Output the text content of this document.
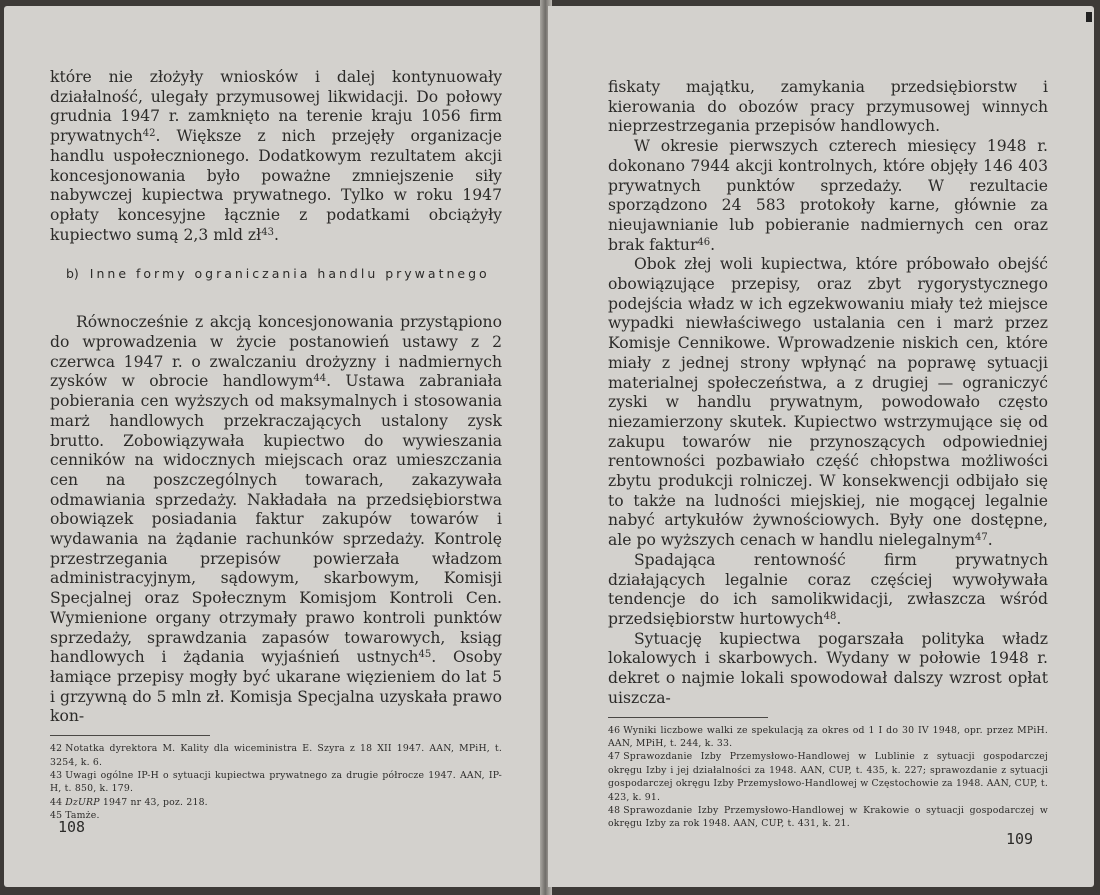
które nie złożyły wniosków i dalej kontynuowały działalność, ulegały przymusowej likwidacji. Do połowy grudnia 1947 r. zamknięto na terenie kraju 1056 firm prywatnych$^{42}$. Większe z nich przejęły organizacje handlu uspołecznionego. Dodatkowym rezultatem akcji koncesjonowania było poważne zmniejszenie siły nabywczej kupiectwa prywatnego. Tylko w roku 1947 opłaty koncesyjne łącznie z podatkami obciążyły kupiectwo sumą 2,3 mld $zł^{43}$.

b) Inne formy ograniczania handlu prywatnego

Równocześnie z akcją koncesjonowania przystąpiono do wprowadzenia w życie postanowień ustawy z 2 czerwca 1947 r. o zwalczaniu drożyzny i nadmiernych zysków w obrocie handlowym$^{44}$. Ustawa zabraniała pobierania cen wyższych od maksymalnych i stosowania marż handlowych przekraczających ustalony zysk brutto. Zobowiązywała kupiectwo do wywieszania cenników na widocznych miejscach oraz umieszczania cen na poszczególnych towarach, zakazywała odmawiania sprzedaży. Nakładała na przedsiębiorstwa obowiązek posiadania faktur zakupów towarów i wydawania na żądanie rachunków sprzedaży. Kontrolę przestrzegania przepisów powierzała władzom administracyjnym, sądowym, skarbowym, Komisji Specjalnej oraz Społecznym Komisjom Kontroli Cen. Wymienione organy otrzymały prawo kontroli punktów sprzedaży, sprawdzania zapasów towarowych, ksiąg handlowych i żądania wyjaśnień ustnych$^{45}$. Osoby łamiące przepisy mogły być ukarane więzieniem do lat 5 i grzywną do 5 mln zł. Komisja Specjalna uzyskała prawo kon-

42 Notatka dyrektora M. Kality dla wiceministra E. Szyra z 18 XII 1947. AAN, MPiH, t. 3254, k. 6.

43 Uwagi ogólne IP-H o sytuacji kupiectwa prywatnego za drugie półrocze 1947. AAN, IP-H, t. 850, k. 179.

44 DzURP 1947 nr 43, poz. 218.

45 Tamże.

108

fiskaty majątku, zamykania przedsiębiorstw i kierowania do obozów pracy przymusowej winnych nieprzestrzegania przepisów handlowych.

W okresie pierwszych czterech miesięcy 1948 r. dokonano 7944 akcji kontrolnych, które objęły 146 403 prywatnych punktów sprzedaży. W rezultacie sporządzono 24 583 protokoły karne, głównie za nieujawnianie lub pobieranie nadmiernych cen oraz brak faktur$^{46}$.

Obok złej woli kupiectwa, które próbowało obejść obowiązujące przepisy, oraz zbyt rygorystycznego podejścia władz w ich egzekwowaniu miały też miejsce wypadki niewłaściwego ustalania cen i marż przez Komisje Cennikowe. Wprowadzenie niskich cen, które miały z jednej strony wpłynąć na poprawę sytuacji materialnej społeczeństwa, a z drugiej — ograniczyć zyski w handlu prywatnym, powodowało często niezamierzony skutek. Kupiectwo wstrzymujące się od zakupu towarów nie przynoszących odpowiedniej rentowności pozbawiało część chłopstwa możliwości zbytu produkcji rolniczej. W konsekwencji odbijało się to także na ludności miejskiej, nie mogącej legalnie nabyć artykułów żywnościowych. Były one dostępne, ale po wyższych cenach w handlu nielegalnym$^{47}$.

Spadająca rentowność firm prywatnych działających legalnie coraz częściej wywoływała tendencje do ich samolikwidacji, zwłaszcza wśród przedsiębiorstw hurtowych$^{48}$.

Sytuację kupiectwa pogarszała polityka władz lokalowych i skarbowych. Wydany w połowie 1948 r. dekret o najmie lokali spowodował dalszy wzrost opłat uiszcza-

46 Wyniki liczbowe walki ze spekulacją za okres od 1 I do 30 IV 1948, opr. przez MPiH. AAN, MPiH, t. 244, k. 33.

47 Sprawozdanie Izby Przemysłowo-Handlowej w Lublinie z sytuacji gospodarczej okręgu Izby i jej działalności za 1948. AAN, CUP, t. 435, k. 227; sprawozdanie z sytuacji gospodarczej okręgu Izby Przemysłowo-Handlowej w Częstochowie za 1948. AAN, CUP, t. 423, k. 91.

48 Sprawozdanie Izby Przemysłowo-Handlowej w Krakowie o sytuacji gospodarczej w okręgu Izby za rok 1948. AAN, CUP, t. 431, k. 21.

109
